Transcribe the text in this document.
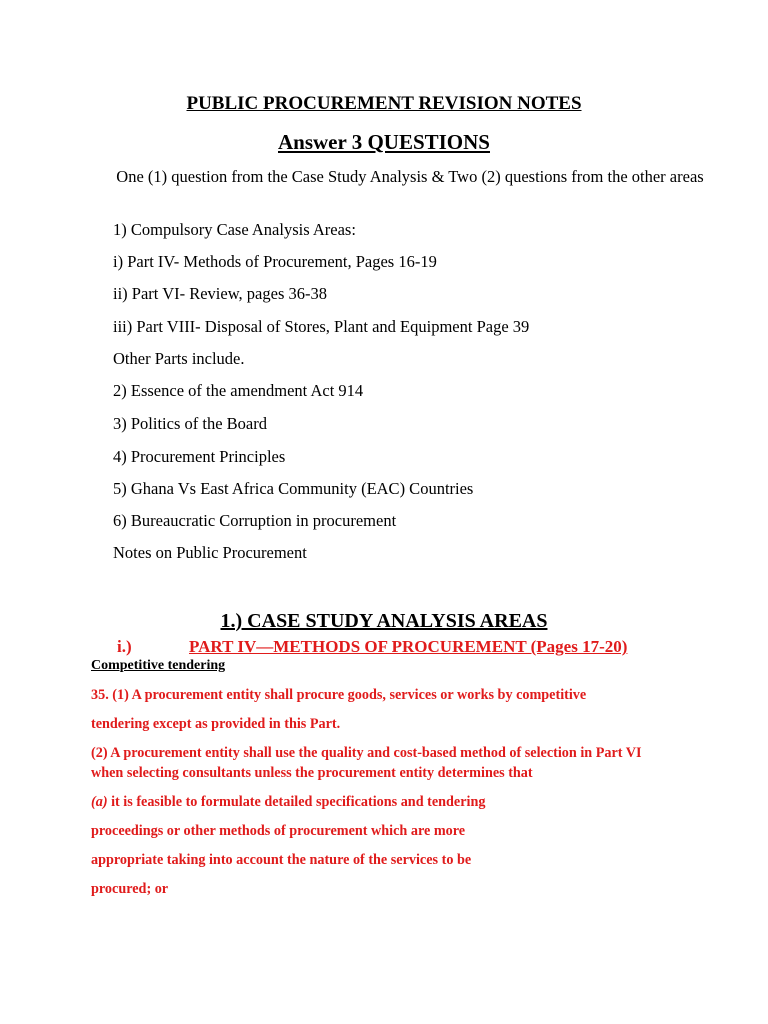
PUBLIC PROCUREMENT REVISION NOTES
Answer 3 QUESTIONS
One (1) question from the Case Study Analysis & Two (2) questions from the other areas
1) Compulsory Case Analysis Areas:
i) Part IV- Methods of Procurement, Pages 16-19
ii) Part VI- Review, pages 36-38
iii) Part VIII- Disposal of Stores, Plant and Equipment Page 39
Other Parts include.
2) Essence of the amendment Act 914
3) Politics of the Board
4) Procurement Principles
5) Ghana Vs East Africa Community (EAC) Countries
6) Bureaucratic Corruption in procurement
Notes on Public Procurement
1.) CASE STUDY ANALYSIS AREAS
i.)	PART IV—METHODS OF PROCUREMENT (Pages 17-20)
Competitive tendering
35. (1) A procurement entity shall procure goods, services or works by competitive
tendering except as provided in this Part.
(2) A procurement entity shall use the quality and cost-based method of selection in Part VI
when selecting consultants unless the procurement entity determines that
(a) it is feasible to formulate detailed specifications and tendering
proceedings or other methods of procurement which are more
appropriate taking into account the nature of the services to be
procured; or
